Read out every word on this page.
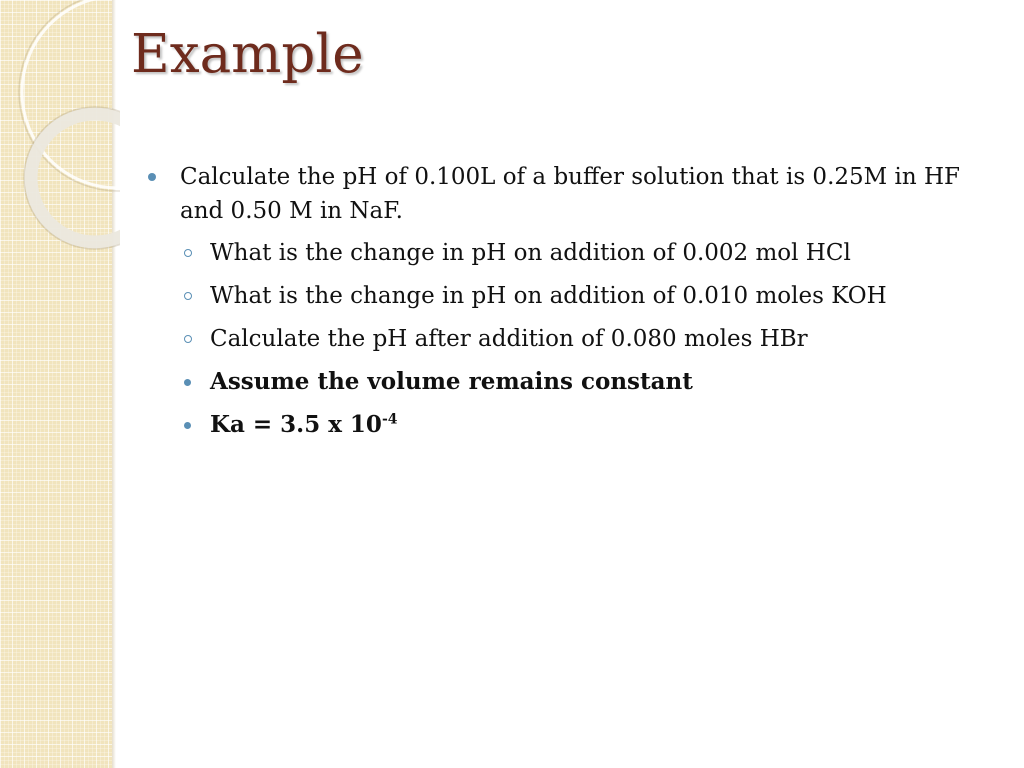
Example
Calculate the pH of 0.100L of a buffer solution that is 0.25M in HF and 0.50 M in NaF.
What is the change in pH on addition of 0.002 mol HCl
What is the change in pH on addition of 0.010 moles KOH
Calculate the pH after addition of 0.080 moles HBr
Assume the volume remains constant
Ka = 3.5 x $10^{-4}$
